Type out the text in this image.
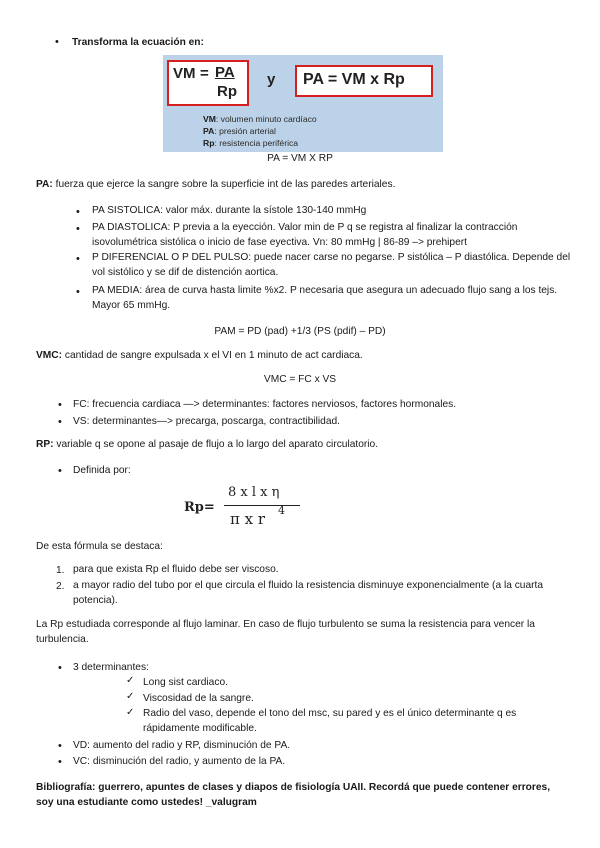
• Transforma la ecuación en:
VM = PA
Rp
y PA = VM x Rp
VM: volumen minuto cardíaco
PA: presión arterial
Rp: resistencia periférica
PA = VM X RP
PA: fuerza que ejerce la sangre sobre la superficie int de las paredes arteriales.
• PA SISTOLICA: valor máx. durante la sístole 130-140 mmHg
• PA DIASTOLICA: P previa a la eyección. Valor min de P q se registra al finalizar la contracción isovolumétrica sistólica o inicio de fase eyectiva. Vn: 80 mmHg | 86-89 –> prehipert
• P DIFERENCIAL O P DEL PULSO: puede nacer carse no pegarse. P sistólica – P diastólica. Depende del vol sistólico y se dif de distención aortica.
• PA MEDIA: área de curva hasta limite %x2. P necesaria que asegura un adecuado flujo sang a los tejs. Mayor 65 mmHg.
PAM = PD (pad) +1/3 (PS (pdif) – PD)
VMC: cantidad de sangre expulsada x el VI en 1 minuto de act cardiaca.
VMC = FC x VS
• FC: frecuencia cardiaca —> determinantes: factores nerviosos, factores hormonales.
• VS: determinantes—> precarga, poscarga, contractibilidad.
RP: variable q se opone al pasaje de flujo a lo largo del aparato circulatorio.
• Definida por:
Rp=
8 x l x η
π x r 4
De esta fórmula se destaca:
1. para que exista Rp el fluido debe ser viscoso.
2. a mayor radio del tubo por el que circula el fluido la resistencia disminuye exponencialmente (a la cuarta potencia).
La Rp estudiada corresponde al flujo laminar. En caso de flujo turbulento se suma la resistencia para vencer la turbulencia.
• 3 determinantes:
✓ Long sist cardiaco.
✓ Viscosidad de la sangre.
✓ Radio del vaso, depende el tono del msc, su pared y es el único determinante q es rápidamente modificable.
• VD: aumento del radio y RP, disminución de PA.
• VC: disminución del radio, y aumento de la PA.
Bibliografía: guerrero, apuntes de clases y diapos de fisiología UAII. Recordá que puede contener errores, soy una estudiante como ustedes! _valugram
